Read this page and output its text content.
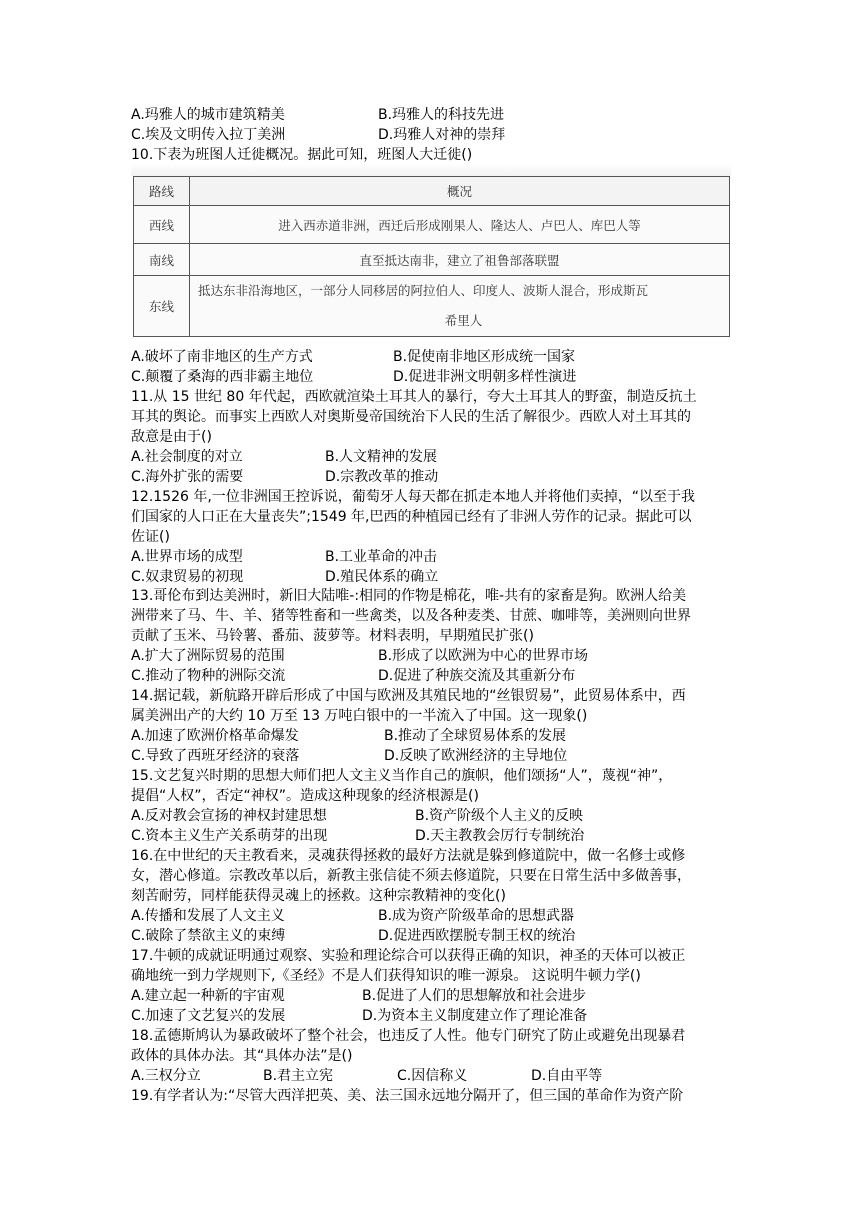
A.玛雅人的城市建筑精美	B.玛雅人的科技先进
C.埃及文明传入拉丁美洲	D.玛雅人对神的崇拜
10.下表为班图人迁徙概况。据此可知，班图人大迁徙()
路线	概况
西线	进入西赤道非洲，西迁后形成刚果人、隆达人、卢巴人、库巴人等
南线	直至抵达南非，建立了祖鲁部落联盟
东线	抵达东非沿海地区，一部分人同移居的阿拉伯人、印度人、波斯人混合，形成斯瓦
希里人
A.破坏了南非地区的生产方式	B.促使南非地区形成统一国家
C.颠覆了桑海的西非霸主地位	D.促进非洲文明朝多样性演进
11.从 15 世纪 80 年代起，西欧就渲染土耳其人的暴行，夸大土耳其人的野蛮，制造反抗土
耳其的舆论。而事实上西欧人对奥斯曼帝国统治下人民的生活了解很少。西欧人对土耳其的
敌意是由于()
A.社会制度的对立	B.人文精神的发展
C.海外扩张的需要	D.宗教改革的推动
12.1526 年,一位非洲国王控诉说，葡萄牙人每天都在抓走本地人并将他们卖掉，“以至于我
们国家的人口正在大量丧失”;1549 年,巴西的种植园已经有了非洲人劳作的记录。据此可以
佐证()
A.世界市场的成型	B.工业革命的冲击
C.奴隶贸易的初现	D.殖民体系的确立
13.哥伦布到达美洲时，新旧大陆唯-:相同的作物是棉花，唯-共有的家畜是狗。欧洲人给美
洲带来了马、牛、羊、猪等牲畜和一些禽类，以及各种麦类、甘蔗、咖啡等，美洲则向世界
贡献了玉米、马铃薯、番茄、菠萝等。材料表明，早期殖民扩张()
A.扩大了洲际贸易的范围	B.形成了以欧洲为中心的世界市场
C.推动了物种的洲际交流	D.促进了种族交流及其重新分布
14.据记载，新航路开辟后形成了中国与欧洲及其殖民地的“丝银贸易”，此贸易体系中，西
属美洲出产的大约 10 万至 13 万吨白银中的一半流入了中国。这一现象()
A.加速了欧洲价格革命爆发	B.推动了全球贸易体系的发展
C.导致了西班牙经济的衰落	D.反映了欧洲经济的主导地位
15.文艺复兴时期的思想大师们把人文主义当作自己的旗帜，他们颂扬“人”，蔑视“神”，
提倡“人权”，否定“神权”。造成这种现象的经济根源是()
A.反对教会宣扬的神权封建思想	B.资产阶级个人主义的反映
C.资本主义生产关系萌芽的出现	D.天主教教会厉行专制统治
16.在中世纪的天主教看来，灵魂获得拯救的最好方法就是躲到修道院中，做一名修士或修
女，潜心修道。宗教改革以后，新教主张信徒不须去修道院，只要在日常生活中多做善事，
刻苦耐劳，同样能获得灵魂上的拯救。这种宗教精神的变化()
A.传播和发展了人文主义	B.成为资产阶级革命的思想武器
C.破除了禁欲主义的束缚	D.促进西欧摆脱专制王权的统治
17.牛顿的成就证明通过观察、实验和理论综合可以获得正确的知识，神圣的天体可以被正
确地统一到力学规则下,《圣经》不是人们获得知识的唯一源泉。 这说明牛顿力学()
A.建立起一种新的宇宙观	B.促进了人们的思想解放和社会进步
C.加速了文艺复兴的发展	D.为资本主义制度建立作了理论准备
18.孟德斯鸠认为暴政破坏了整个社会，也违反了人性。他专门研究了防止或避免出现暴君
政体的具体办法。其“具体办法”是()
A.三权分立	B.君主立宪	C.因信称义	D.自由平等
19.有学者认为:“尽管大西洋把英、美、法三国永远地分隔开了，但三国的革命作为资产阶
